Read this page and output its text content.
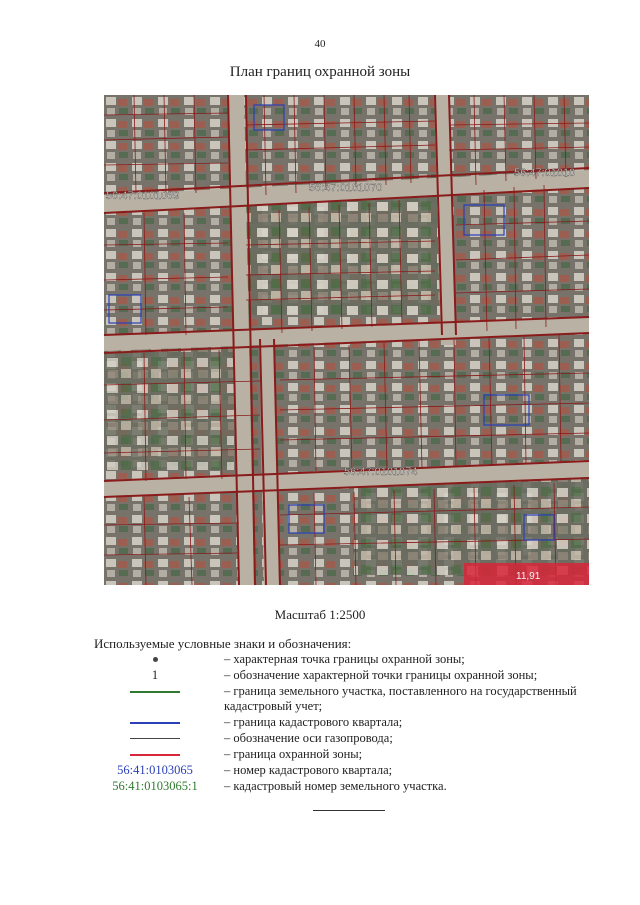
40
План границ охранной зоны
11,91
56:47:0101069
56:47:0101070
56:47:01010
56:47:0101074
Масштаб 1:2500
Используемые условные знаки и обозначения:
– характерная точка границы охранной зоны;
1	– обозначение характерной точки границы охранной зоны;
– граница земельного участка, поставленного на государственный кадастровый учет;
– граница кадастрового квартала;
– обозначение оси газопровода;
– граница охранной зоны;
56:41:0103065	– номер кадастрового квартала;
56:41:0103065:1	– кадастровый номер земельного участка.
